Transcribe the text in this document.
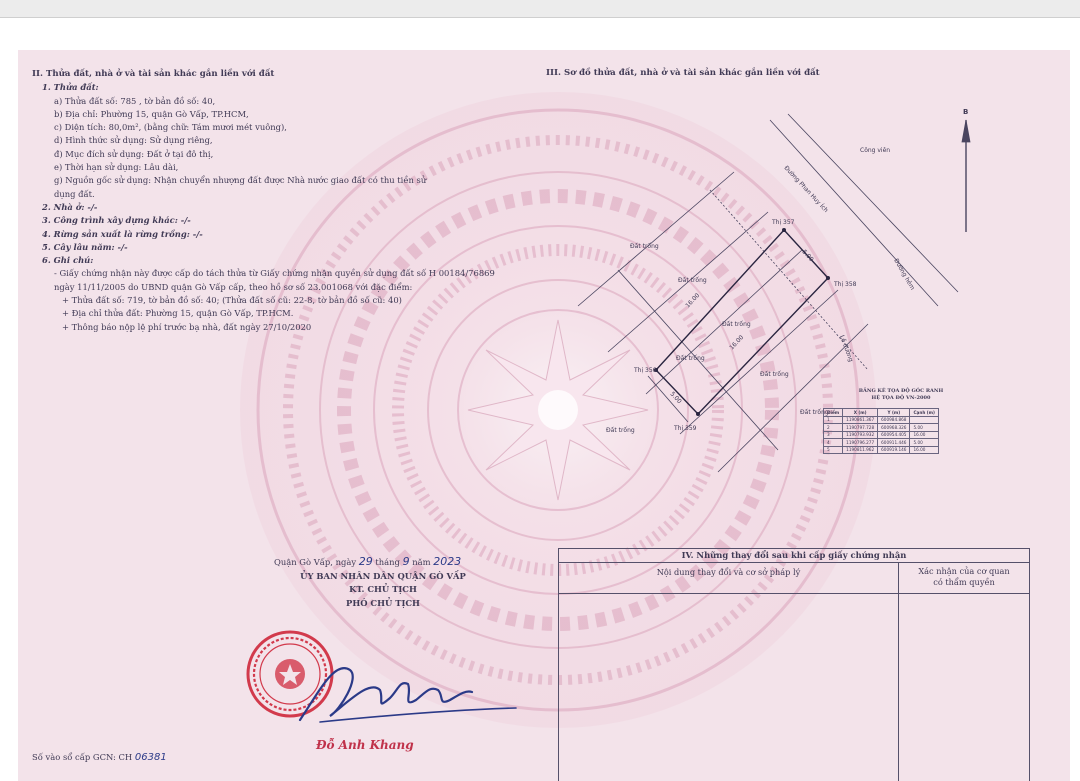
II. Thửa đất, nhà ở và tài sản khác gắn liền với đất
1. Thửa đất:
a) Thửa đất số: 785 , tờ bản đồ số: 40,
b) Địa chỉ: Phường 15, quận Gò Vấp, TP.HCM,
c) Diện tích: 80,0m², (bằng chữ: Tám mươi mét vuông),
d) Hình thức sử dụng: Sử dụng riêng,
đ) Mục đích sử dụng: Đất ở tại đô thị,
e) Thời hạn sử dụng: Lâu dài,
g) Nguồn gốc sử dụng: Nhận chuyển nhượng đất được Nhà nước giao đất có thu tiền sử
dụng đất.
2. Nhà ở: -/-
3. Công trình xây dựng khác: -/-
4. Rừng sản xuất là rừng trồng: -/-
5. Cây lâu năm: -/-
6. Ghi chú:
- Giấy chứng nhận này được cấp do tách thửa từ Giấy chứng nhận quyền sử dụng đất số H 00184/76869 ngày 11/11/2005 do UBND quận Gò Vấp cấp, theo hồ sơ số 23.001068 với đặc điểm:
+ Thửa đất số: 719, tờ bản đồ số: 40; (Thửa đất số cũ: 22-8, tờ bản đồ số cũ: 40)
+ Địa chỉ thửa đất: Phường 15, quận Gò Vấp, TP.HCM.
+ Thông báo nộp lệ phí trước bạ nhà, đất ngày 27/10/2020
III. Sơ đồ thửa đất, nhà ở và tài sản khác gắn liền với đất
Công viên
Đường Phan Huy Ích
Đường hẻm
Lề đường
Đất trống
Đất trống
Đất trống
Đất trống
Đất trống
Đất trống
Đất trống
16.00
16.00
5.00
5.00
Thị 357
Thị 358
Thị 356
Thị 359
B
BẢNG KÊ TỌA ĐỘ GÓC RANH
HỆ TỌA ĐỘ VN-2000
Điểm	X (m)	Y (m)	Cạnh (m)
1	1190861.367	600984.868	
2	1190797.728	600968.326	5.00
3	1190793.932	600954.405	16.00
4	1190796.277	600911.446	5.00
5	1190811.962	600919.146	16.00
Quận Gò Vấp, ngày 29 tháng 9 năm 2023
ỦY BAN NHÂN DÂN QUẬN GÒ VẤP
KT. CHỦ TỊCH
PHÓ CHỦ TỊCH
Đỗ Anh Khang
Số vào sổ cấp GCN: CH 06381
IV. Những thay đổi sau khi cấp giấy chứng nhận
Nội dung thay đổi và cơ sở pháp lý	Xác nhận của cơ quan
có thẩm quyền
